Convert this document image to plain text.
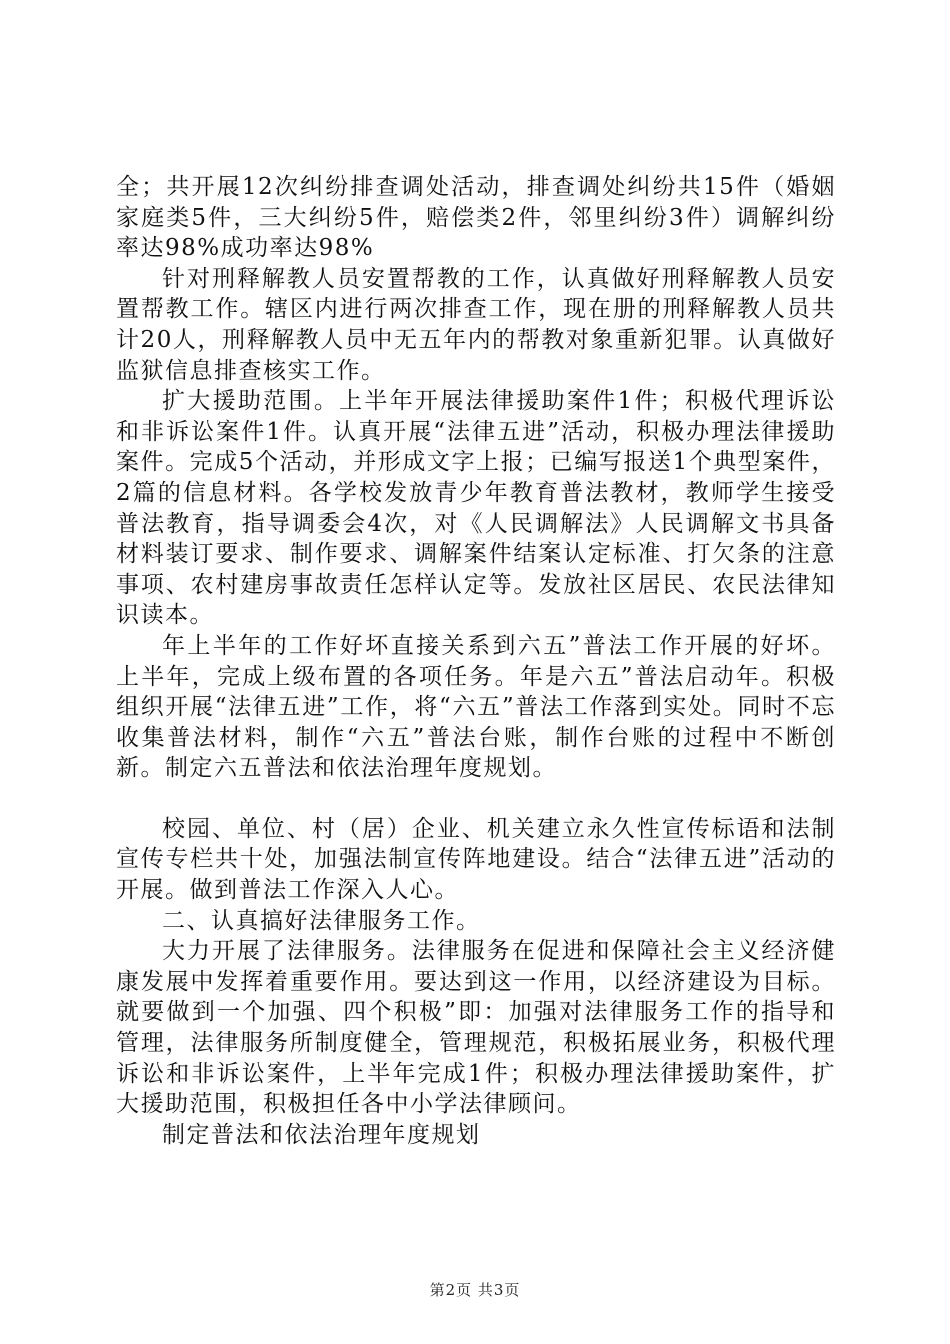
全；共开展12次纠纷排查调处活动，排查调处纠纷共15件（婚姻家庭类5件，三大纠纷5件，赔偿类2件，邻里纠纷3件）调解纠纷率达98%成功率达98%

针对刑释解教人员安置帮教的工作，认真做好刑释解教人员安置帮教工作。辖区内进行两次排查工作，现在册的刑释解教人员共计20人，刑释解教人员中无五年内的帮教对象重新犯罪。认真做好监狱信息排查核实工作。

扩大援助范围。上半年开展法律援助案件1件；积极代理诉讼和非诉讼案件1件。认真开展“法律五进”活动，积极办理法律援助案件。完成5个活动，并形成文字上报；已编写报送1个典型案件，2篇的信息材料。各学校发放青少年教育普法教材，教师学生接受普法教育，指导调委会4次，对《人民调解法》人民调解文书具备材料装订要求、制作要求、调解案件结案认定标准、打欠条的注意事项、农村建房事故责任怎样认定等。发放社区居民、农民法律知识读本。

年上半年的工作好坏直接关系到六五”普法工作开展的好坏。上半年，完成上级布置的各项任务。年是六五”普法启动年。积极组织开展“法律五进”工作，将“六五”普法工作落到实处。同时不忘收集普法材料，制作“六五”普法台账，制作台账的过程中不断创新。制定六五普法和依法治理年度规划。

校园、单位、村（居）企业、机关建立永久性宣传标语和法制宣传专栏共十处，加强法制宣传阵地建设。结合“法律五进”活动的开展。做到普法工作深入人心。

二、认真搞好法律服务工作。

大力开展了法律服务。法律服务在促进和保障社会主义经济健康发展中发挥着重要作用。要达到这一作用，以经济建设为目标。就要做到一个加强、四个积极”即：加强对法律服务工作的指导和管理，法律服务所制度健全，管理规范，积极拓展业务，积极代理诉讼和非诉讼案件，上半年完成1件；积极办理法律援助案件，扩大援助范围，积极担任各中小学法律顾问。

制定普法和依法治理年度规划

第2页 共3页
